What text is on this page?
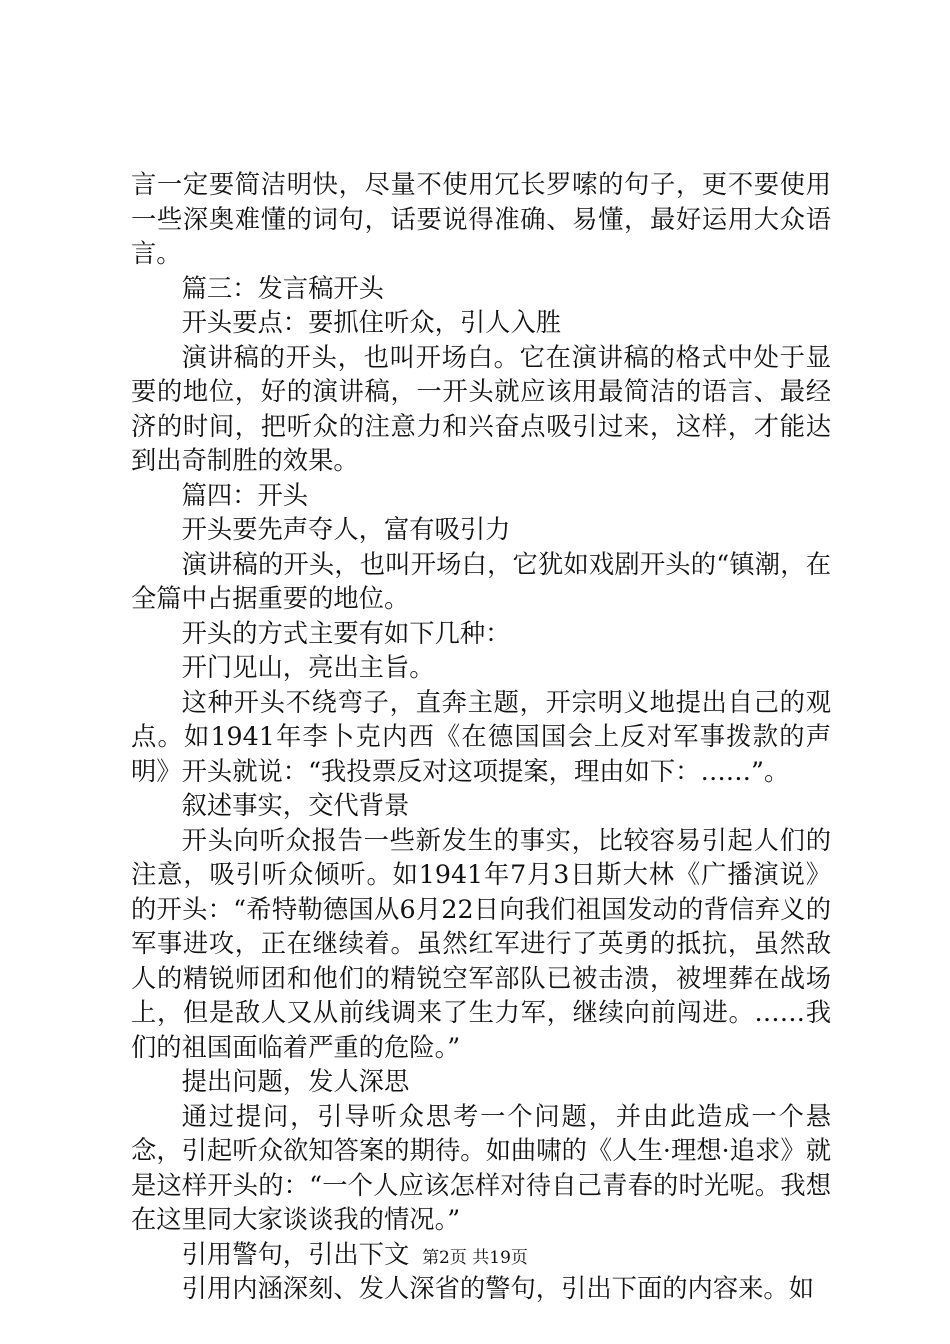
言一定要简洁明快，尽量不使用冗长罗嗦的句子，更不要使用一些深奥难懂的词句，话要说得准确、易懂，最好运用大众语言。

篇三：发言稿开头

开头要点：要抓住听众，引人入胜

演讲稿的开头，也叫开场白。它在演讲稿的格式中处于显要的地位，好的演讲稿，一开头就应该用最简洁的语言、最经济的时间，把听众的注意力和兴奋点吸引过来，这样，才能达到出奇制胜的效果。

篇四：开头

开头要先声夺人，富有吸引力

演讲稿的开头，也叫开场白，它犹如戏剧开头的“镇潮，在全篇中占据重要的地位。

开头的方式主要有如下几种：

开门见山，亮出主旨。

这种开头不绕弯子，直奔主题，开宗明义地提出自己的观点。如1941年李卜克内西《在德国国会上反对军事拨款的声明》开头就说：“我投票反对这项提案，理由如下：……”。

叙述事实，交代背景

开头向听众报告一些新发生的事实，比较容易引起人们的注意，吸引听众倾听。如1941年7月3日斯大林《广播演说》的开头：“希特勒德国从6月22日向我们祖国发动的背信弃义的军事进攻，正在继续着。虽然红军进行了英勇的抵抗，虽然敌人的精锐师团和他们的精锐空军部队已被击溃，被埋葬在战场上，但是敌人又从前线调来了生力军，继续向前闯进。……我们的祖国面临着严重的危险。”

提出问题，发人深思

通过提问，引导听众思考一个问题，并由此造成一个悬念，引起听众欲知答案的期待。如曲啸的《人生·理想·追求》就是这样开头的：“一个人应该怎样对待自己青春的时光呢。我想在这里同大家谈谈我的情况。”

引用警句，引出下文

引用内涵深刻、发人深省的警句，引出下面的内容来。如

第2页 共19页
